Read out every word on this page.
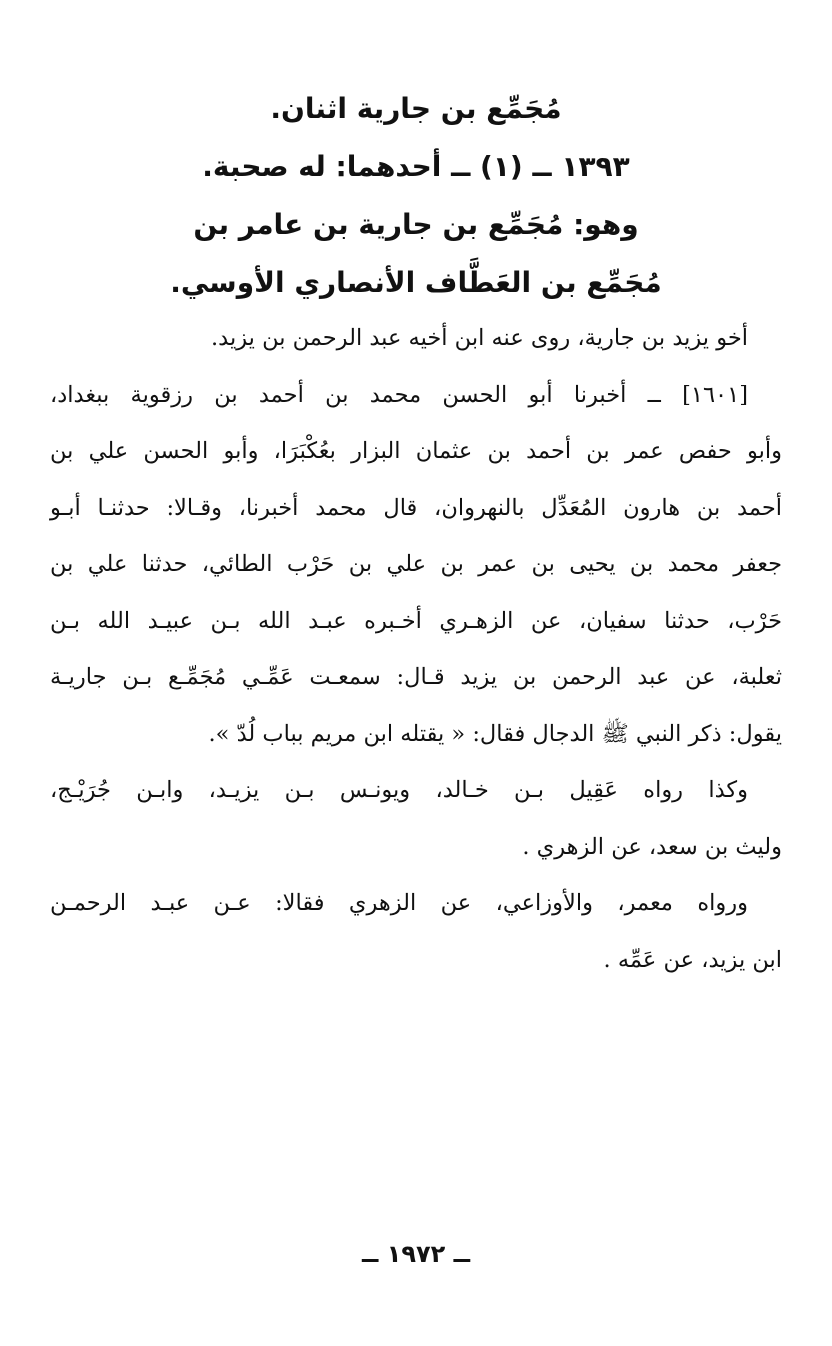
مُجَمِّع بن جارية اثنان.
١٣٩٣ ــ (١) ــ أحدهما: له صحبة.
وهو: مُجَمِّع بن جارية بن عامر بن
مُجَمِّع بن العَطَّاف الأنصاري الأوسي.
أخو يزيد بن جارية، روى عنه ابن أخيه عبد الرحمن بن يزيد.
[١٦٠١] ــ أخبرنا أبو الحسن محمد بن أحمد بن رزقوية ببغداد،
وأبو حفص عمر بن أحمد بن عثمان البزار بعُكْبَرَا، وأبو الحسن علي بن
أحمد بن هارون المُعَدِّل بالنهروان، قال محمد أخبرنا، وقـالا: حدثنـا أبـو
جعفر محمد بن يحيى بن عمر بن علي بن حَرْب الطائي، حدثنا علي بن
حَرْب، حدثنا سفيان، عن الزهـري أخـبره عبـد الله بـن عبيـد الله بـن
ثعلبة، عن عبد الرحمن بن يزيد قـال: سمعـت عَمِّـي مُجَمِّـع بـن جاريـة
يقول: ذكر النبي ﷺ الدجال فقال: « يقتله ابن مريم بباب لُدّ ».
وكذا رواه عَقِيل بـن خـالد، ويونـس بـن يزيـد، وابـن جُرَيْـج،
وليث بن سعد، عن الزهري .
ورواه معمر، والأوزاعي، عن الزهري فقالا: عـن عبـد الرحمـن
ابن يزيد، عن عَمِّه .
ــ ١٩٧٢ ــ
